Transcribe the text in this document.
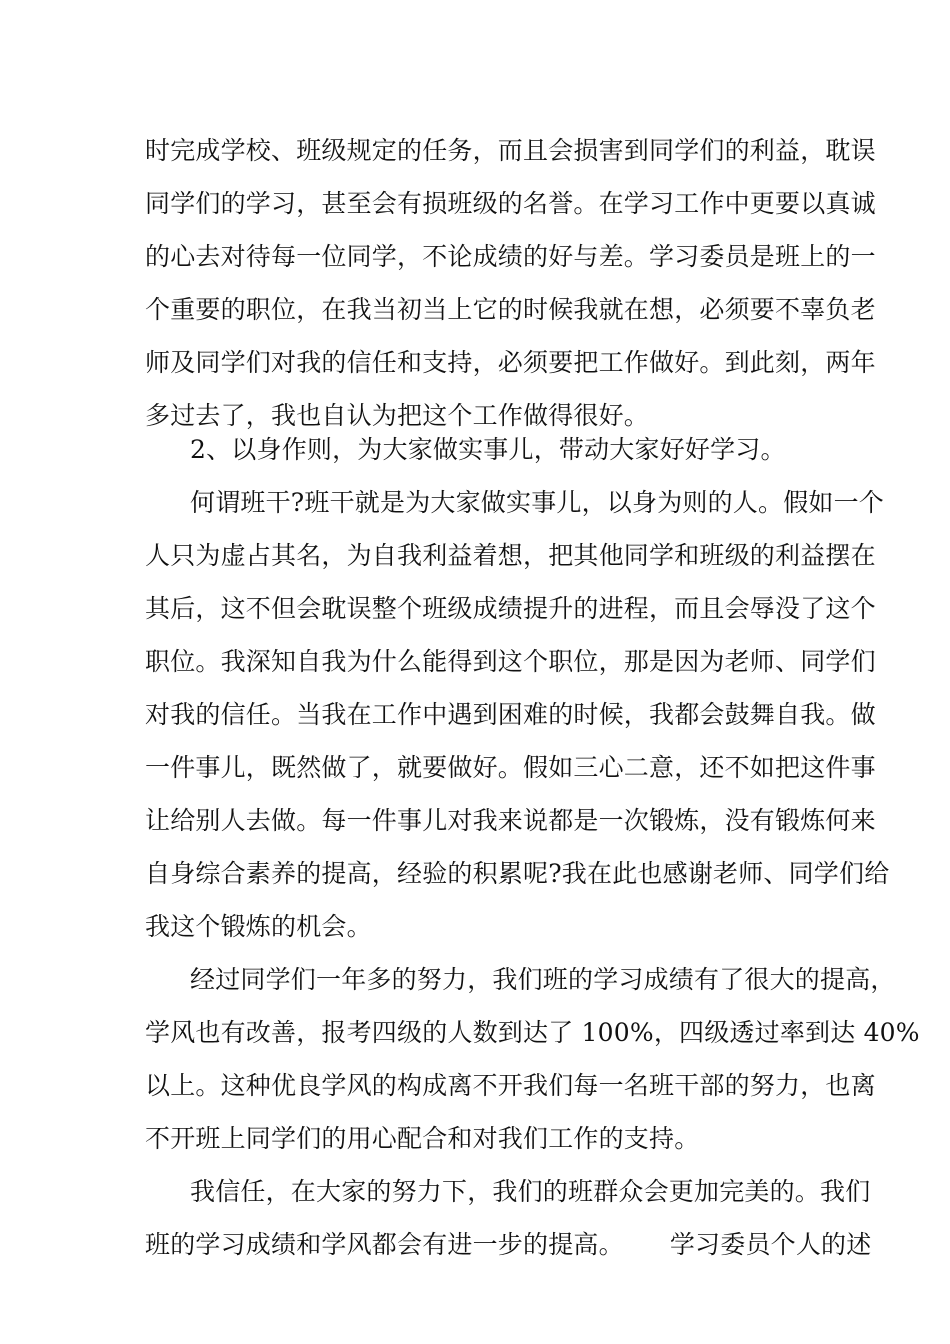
时完成学校、班级规定的任务，而且会损害到同学们的利益，耽误
同学们的学习，甚至会有损班级的名誉。在学习工作中更要以真诚
的心去对待每一位同学，不论成绩的好与差。学习委员是班上的一
个重要的职位，在我当初当上它的时候我就在想，必须要不辜负老
师及同学们对我的信任和支持，必须要把工作做好。到此刻，两年
多过去了，我也自认为把这个工作做得很好。
2、以身作则，为大家做实事儿，带动大家好好学习。
何谓班干?班干就是为大家做实事儿，以身为则的人。假如一个
人只为虚占其名，为自我利益着想，把其他同学和班级的利益摆在
其后，这不但会耽误整个班级成绩提升的进程，而且会辱没了这个
职位。我深知自我为什么能得到这个职位，那是因为老师、同学们
对我的信任。当我在工作中遇到困难的时候，我都会鼓舞自我。做
一件事儿，既然做了，就要做好。假如三心二意，还不如把这件事
让给别人去做。每一件事儿对我来说都是一次锻炼，没有锻炼何来
自身综合素养的提高，经验的积累呢?我在此也感谢老师、同学们给
我这个锻炼的机会。
经过同学们一年多的努力，我们班的学习成绩有了很大的提高，
学风也有改善，报考四级的人数到达了 100%，四级透过率到达 40%
以上。这种优良学风的构成离不开我们每一名班干部的努力，也离
不开班上同学们的用心配合和对我们工作的支持。
我信任，在大家的努力下，我们的班群众会更加完美的。我们
班的学习成绩和学风都会有进一步的提高。　　 学习委员个人的述
